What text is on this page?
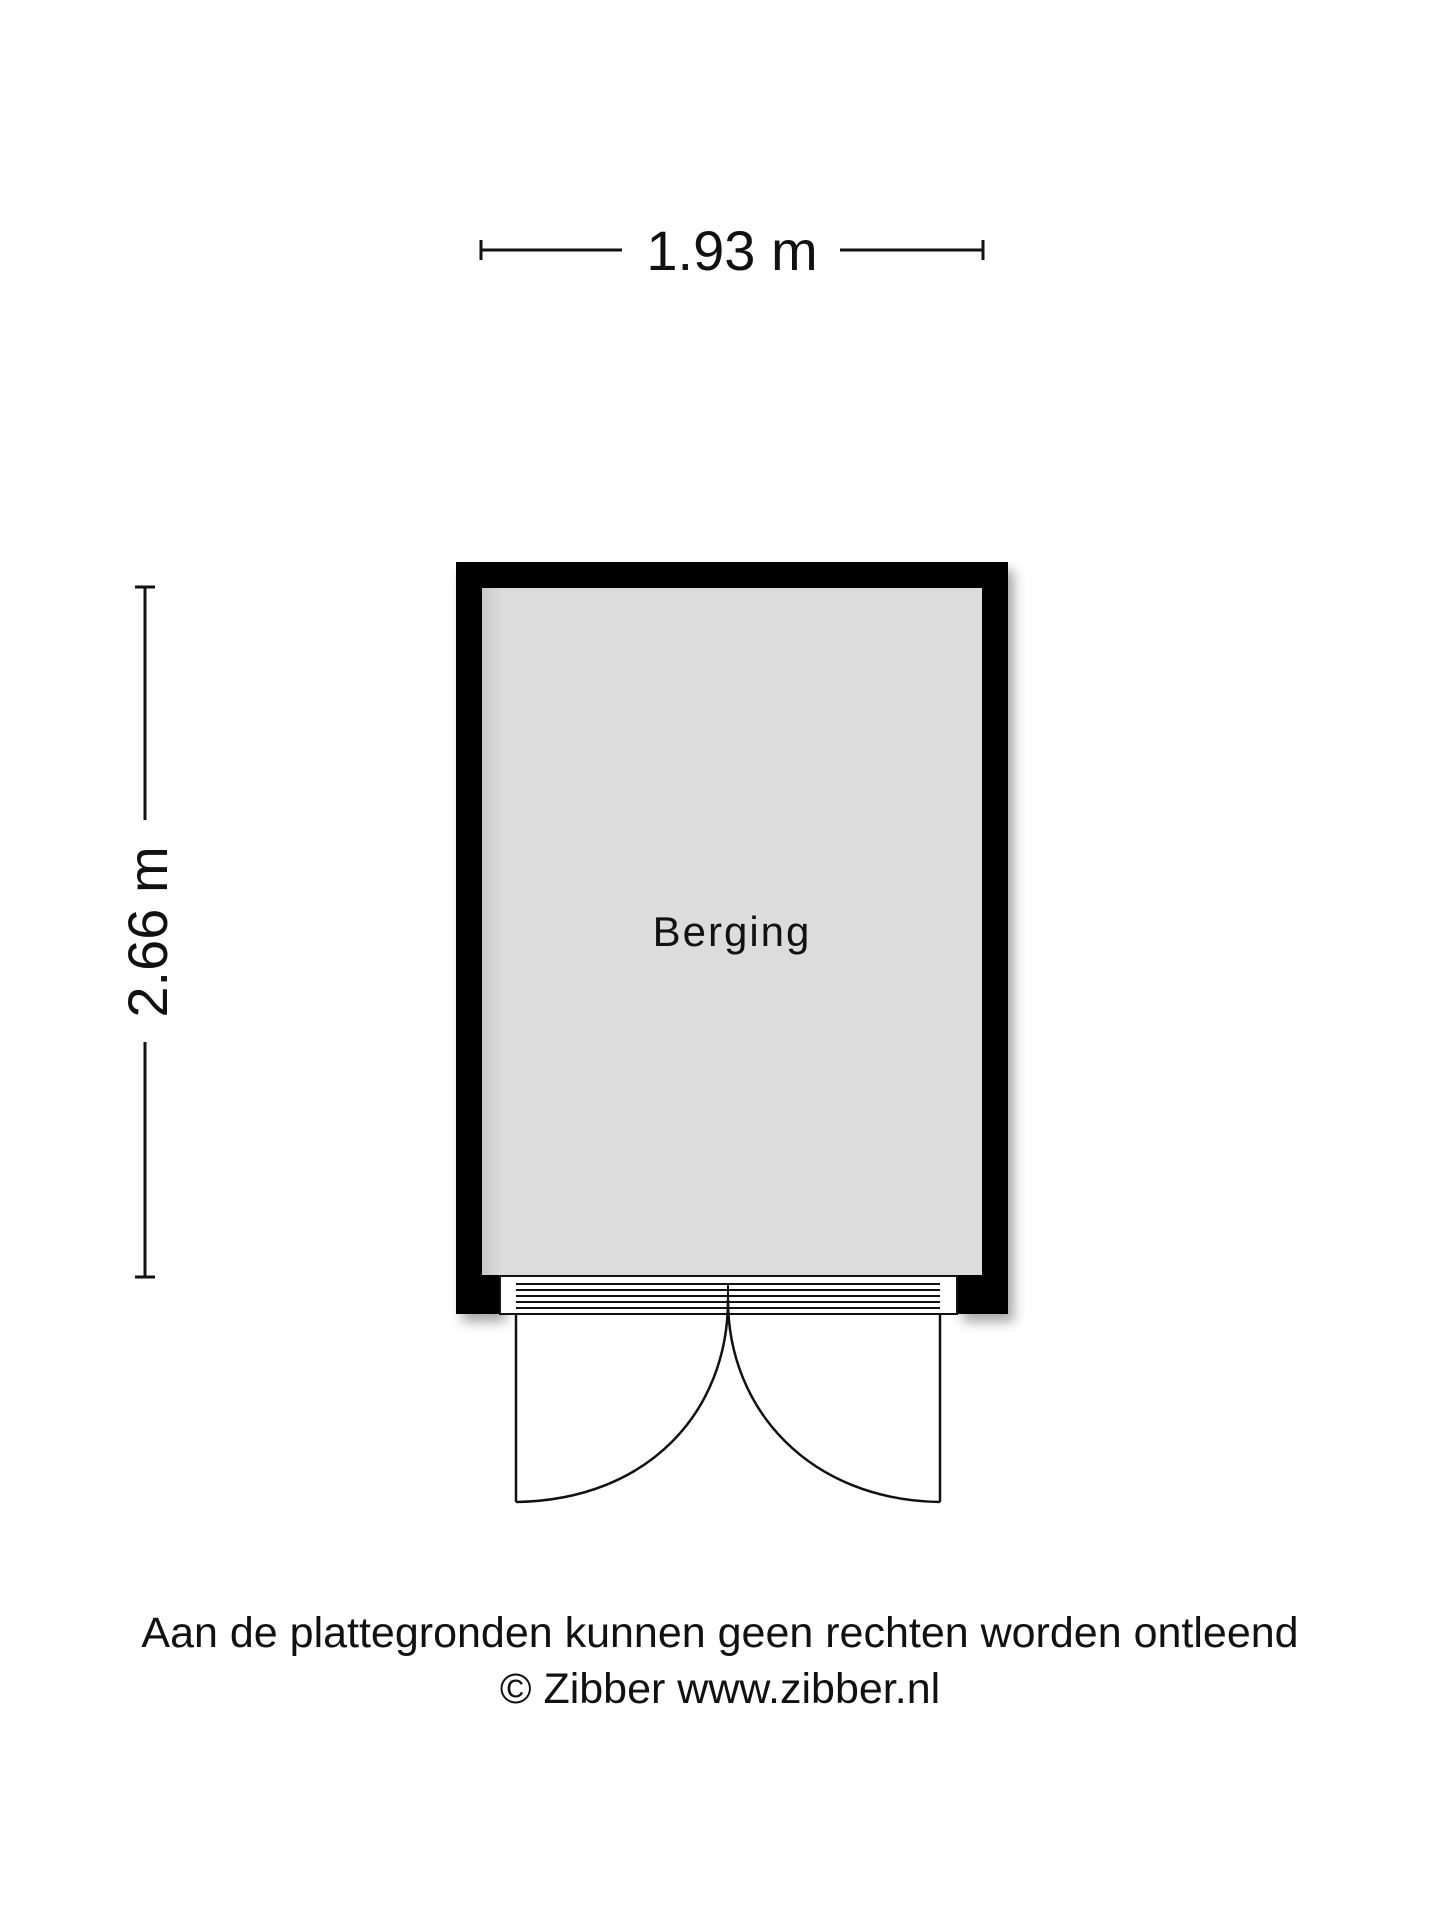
1.93 m
2.66 m	Berging
Aan de plattegronden kunnen geen rechten worden ontleend
© Zibber www.zibber.nl
